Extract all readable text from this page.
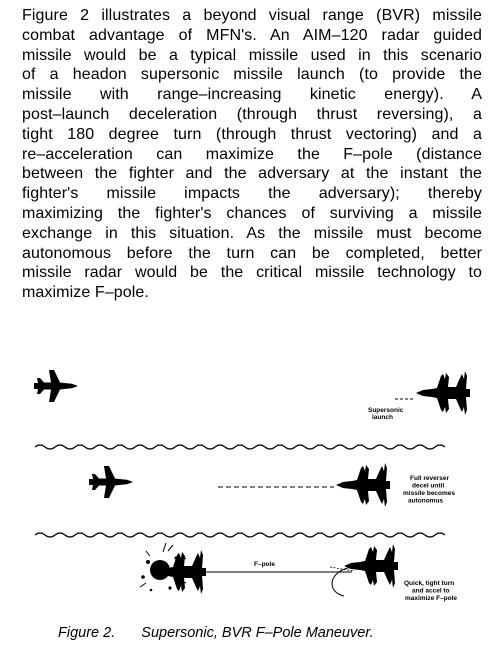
Figure 2 illustrates a beyond visual range (BVR) missile
combat advantage of MFN's. An AIM–120 radar guided
missile would be a typical missile used in this scenario
of a headon supersonic missile launch (to provide the
missile with range–increasing kinetic energy). A
post–launch deceleration (through thrust reversing), a
tight 180 degree turn (through thrust vectoring) and a
re–acceleration can maximize the F–pole (distance
between the fighter and the adversary at the instant the
fighter's missile impacts the adversary); thereby
maximizing the fighter's chances of surviving a missile
exchange in this situation. As the missile must become
autonomous before the turn can be completed, better
missile radar would be the critical missile technology to
maximize F–pole.
Supersonic launch
Full reverser decel until missile becomes autonomus
F–pole
Quick, tight turn and accel to maximize F–pole
Figure 2. Supersonic, BVR F–Pole Maneuver.
